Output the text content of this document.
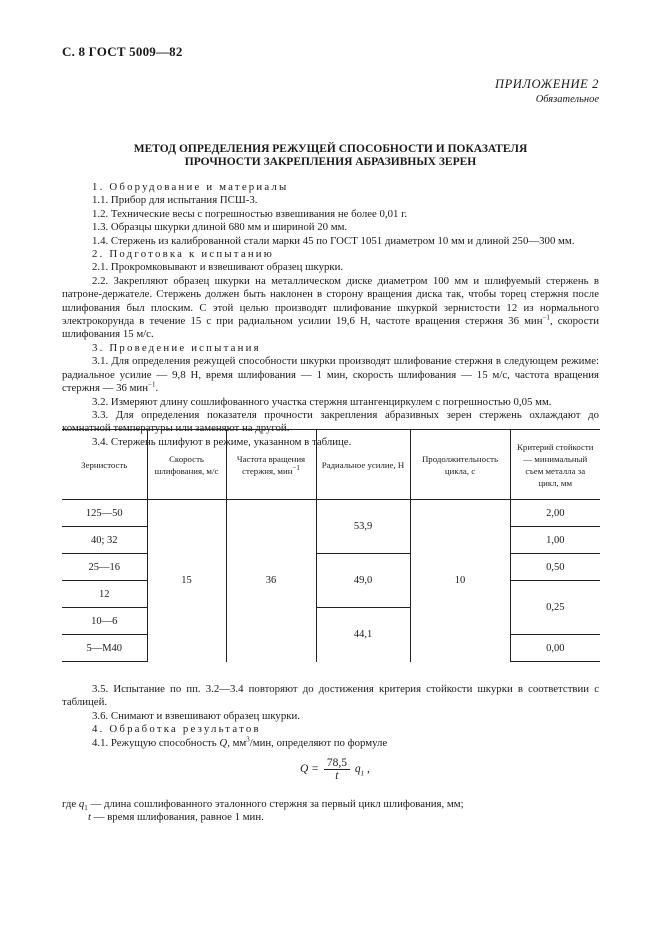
С. 8 ГОСТ 5009—82
ПРИЛОЖЕНИЕ 2
Обязательное
МЕТОД ОПРЕДЕЛЕНИЯ РЕЖУЩЕЙ СПОСОБНОСТИ И ПОКАЗАТЕЛЯ
ПРОЧНОСТИ ЗАКРЕПЛЕНИЯ АБРАЗИВНЫХ ЗЕРЕН

1. Оборудование и материалы

1.1. Прибор для испытания ПСШ-3.

1.2. Технические весы с погрешностью взвешивания не более 0,01 г.

1.3. Образцы шкурки длиной 680 мм и шириной 20 мм.

1.4. Стержень из калиброванной стали марки 45 по ГОСТ 1051 диаметром 10 мм и длиной 250—300 мм.

2. Подготовка к испытанию

2.1. Прокромковывают и взвешивают образец шкурки.

2.2. Закрепляют образец шкурки на металлическом диске диаметром 100 мм и шлифуемый стержень в патроне-держателе. Стержень должен быть наклонен в сторону вращения диска так, чтобы торец стержня после шлифования был плоским. С этой целью производят шлифование шкуркой зернистости 12 из нормального электрокорунда в течение 15 с при радиальном усилии 19,6 Н, частоте вращения стержня 36 мин$^{-1}$, скорости шлифования 15 м/с.

3. Проведение испытания

3.1. Для определения режущей способности шкурки производят шлифование стержня в следующем режиме: радиальное усилие — 9,8 Н, время шлифования — 1 мин, скорость шлифования — 15 м/с, частота вращения стержня — 36 мин$^{-1}$.

3.2. Измеряют длину сошлифованного участка стержня штангенциркулем с погрешностью 0,05 мм.

3.3. Для определения показателя прочности закрепления абразивных зерен стержень охлаждают до комнатной температуры или заменяют на другой.

3.4. Стержень шлифуют в режиме, указанном в таблице.

Зернистость	Скорость шлифования, м/с	Частота вращения стержня, мин$^{-1}$	Радиальное усилие, Н	Продолжительность цикла, с	Критерий стойкости — минимальный съем металла за цикл, мм
125—50	15	36	53,9	10	2,00
40; 32					1,00
25—16			49,0		0,50
12					0,25
10—6			44,1		
5—М40					0,00

3.5. Испытание по пп. 3.2—3.4 повторяют до достижения критерия стойкости шкурки в соответствии с таблицей.

3.6. Снимают и взвешивают образец шкурки.

4. Обработка результатов

4.1. Режущую способность Q, $мм^3$/мин, определяют по формуле

$Q = \frac{78,5}{t} q_1$ ,

где $q_1$ — длина сошлифованного эталонного стержня за первый цикл шлифования, мм;

t — время шлифования, равное 1 мин.
